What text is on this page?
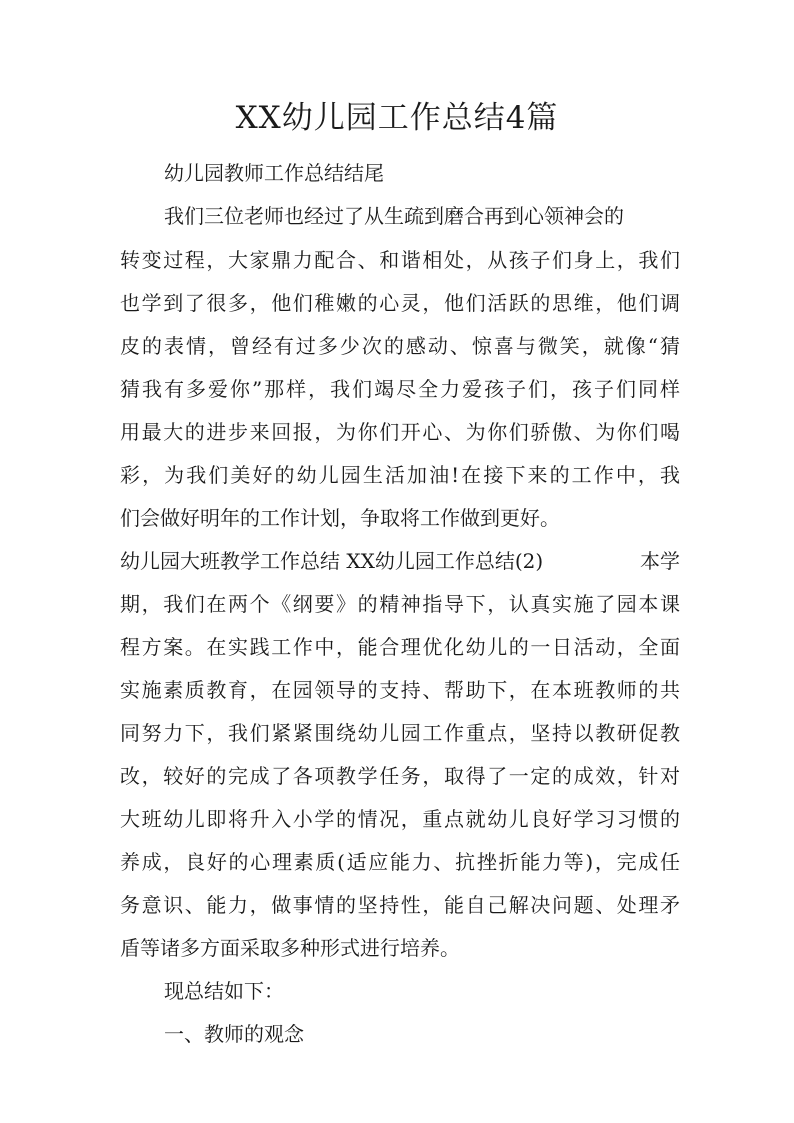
XX幼儿园工作总结4篇

幼儿园教师工作总结结尾

我们三位老师也经过了从生疏到磨合再到心领神会的

转变过程，大家鼎力配合、和谐相处，从孩子们身上，我们

也学到了很多，他们稚嫩的心灵，他们活跃的思维，他们调

皮的表情，曾经有过多少次的感动、惊喜与微笑，就像“猜

猜我有多爱你”那样，我们竭尽全力爱孩子们，孩子们同样

用最大的进步来回报，为你们开心、为你们骄傲、为你们喝

彩，为我们美好的幼儿园生活加油!在接下来的工作中，我

们会做好明年的工作计划，争取将工作做到更好。

幼儿园大班教学工作总结 XX幼儿园工作总结(2)	本学

期，我们在两个《纲要》的精神指导下，认真实施了园本课

程方案。在实践工作中，能合理优化幼儿的一日活动，全面

实施素质教育，在园领导的支持、帮助下，在本班教师的共

同努力下，我们紧紧围绕幼儿园工作重点，坚持以教研促教

改，较好的完成了各项教学任务，取得了一定的成效，针对

大班幼儿即将升入小学的情况，重点就幼儿良好学习习惯的

养成，良好的心理素质(适应能力、抗挫折能力等)，完成任

务意识、能力，做事情的坚持性，能自己解决问题、处理矛

盾等诸多方面采取多种形式进行培养。

现总结如下：

一、教师的观念
